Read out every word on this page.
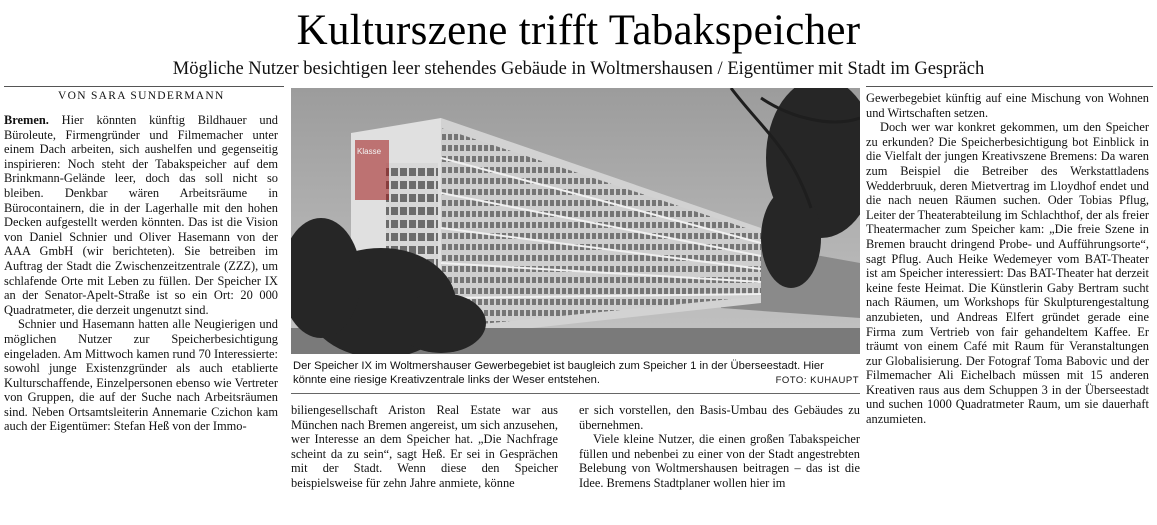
Kulturszene trifft Tabakspeicher
Mögliche Nutzer besichtigen leer stehendes Gebäude in Woltmershausen / Eigentümer mit Stadt im Gespräch
VON SARA SUNDERMANN

Bremen. Hier könnten künftig Bildhauer und Büroleute, Firmengründer und Filmemacher unter einem Dach arbeiten, sich aushelfen und gegenseitig inspirieren: Noch steht der Tabakspeicher auf dem Brinkmann-Gelände leer, doch das soll nicht so bleiben. Denkbar wären Arbeitsräume in Bürocontainern, die in der Lagerhalle mit den hohen Decken aufgestellt werden könnten. Das ist die Vision von Daniel Schnier und Oliver Hasemann von der AAA GmbH (wir berichteten). Sie betreiben im Auftrag der Stadt die Zwischenzeitzentrale (ZZZ), um schlafende Orte mit Leben zu füllen. Der Speicher IX an der Senator-Apelt-Straße ist so ein Ort: 20 000 Quadratmeter, die derzeit ungenutzt sind.

Schnier und Hasemann hatten alle Neugierigen und möglichen Nutzer zur Speicherbesichtigung eingeladen. Am Mittwoch kamen rund 70 Interessierte: sowohl junge Existenzgründer als auch etablierte Kulturschaffende, Einzelpersonen ebenso wie Vertreter von Gruppen, die auf der Suche nach Arbeitsräumen sind. Neben Ortsamtsleiterin Annemarie Czichon kam auch der Eigentümer: Stefan Heß von der Immo-

Klasse
Der Speicher IX im Woltmershauser Gewerbegebiet ist baugleich zum Speicher 1 in der Überseestadt. Hier könnte eine riesige Kreativzentrale links der Weser entstehen.	FOTO: KUHAUPT

biliengesellschaft Ariston Real Estate war aus München nach Bremen angereist, um sich anzusehen, wer Interesse an dem Speicher hat. „Die Nachfrage scheint da zu sein“, sagt Heß. Er sei in Gesprächen mit der Stadt. Wenn diese den Speicher beispielsweise für zehn Jahre anmiete, könne

er sich vorstellen, den Basis-Umbau des Gebäudes zu übernehmen.

Viele kleine Nutzer, die einen großen Tabakspeicher füllen und nebenbei zu einer von der Stadt angestrebten Belebung von Woltmershausen beitragen – das ist die Idee. Bremens Stadtplaner wollen hier im

Gewerbegebiet künftig auf eine Mischung von Wohnen und Wirtschaften setzen.

Doch wer war konkret gekommen, um den Speicher zu erkunden? Die Speicherbesichtigung bot Einblick in die Vielfalt der jungen Kreativszene Bremens: Da waren zum Beispiel die Betreiber des Werkstattladens Wedderbruuk, deren Mietvertrag im Lloydhof endet und die nach neuen Räumen suchen. Oder Tobias Pflug, Leiter der Theaterabteilung im Schlachthof, der als freier Theatermacher zum Speicher kam: „Die freie Szene in Bremen braucht dringend Probe- und Aufführungsorte“, sagt Pflug. Auch Heike Wedemeyer vom BAT-Theater ist am Speicher interessiert: Das BAT-Theater hat derzeit keine feste Heimat. Die Künstlerin Gaby Bertram sucht nach Räumen, um Workshops für Skulpturengestaltung anzubieten, und Andreas Elfert gründet gerade eine Firma zum Vertrieb von fair gehandeltem Kaffee. Er träumt von einem Café mit Raum für Veranstaltungen zur Globalisierung. Der Fotograf Toma Babovic und der Filmemacher Ali Eichelbach müssen mit 15 anderen Kreativen raus aus dem Schuppen 3 in der Überseestadt und suchen 1000 Quadratmeter Raum, um sie dauerhaft anzumieten.
